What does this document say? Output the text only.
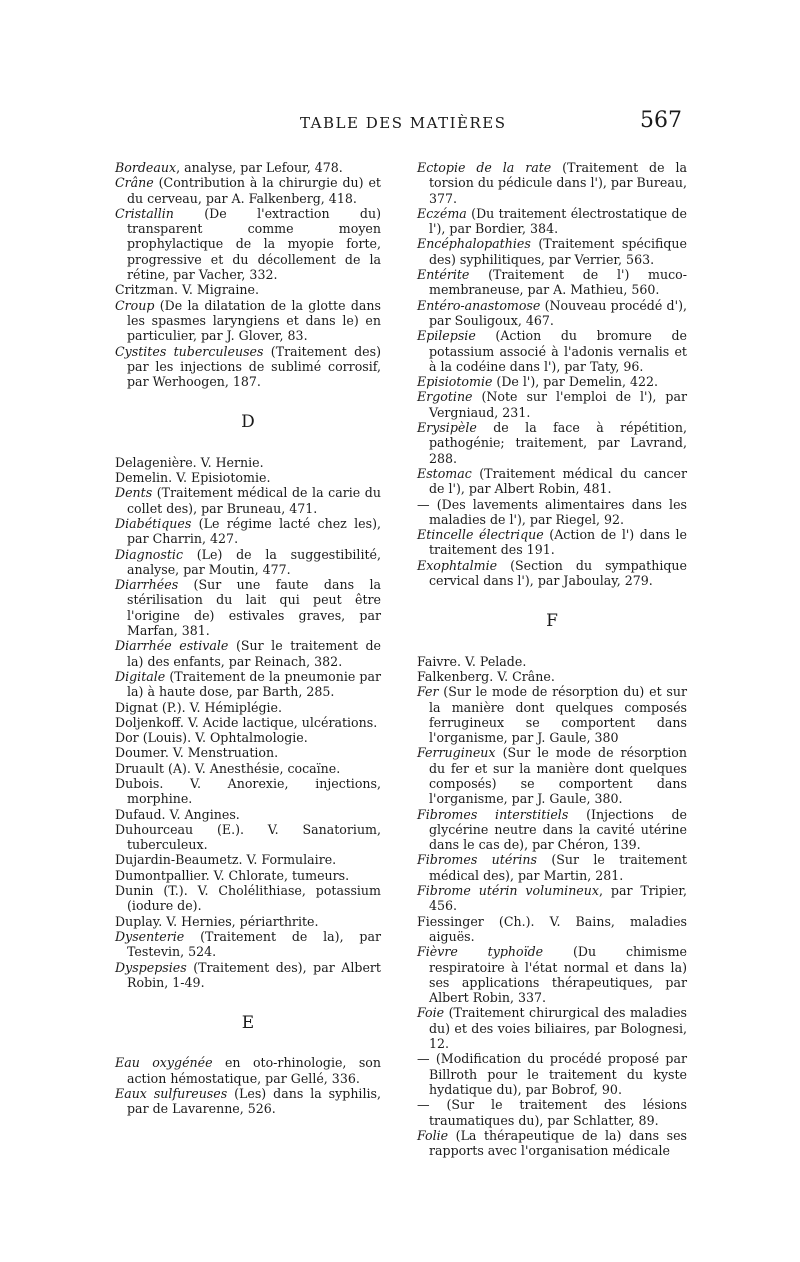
TABLE DES MATIÈRES	567

Bordeaux, analyse, par Lefour, 478.

Crâne (Contribution à la chirurgie du) et du cerveau, par A. Falkenberg, 418.

Cristallin (De l'extraction du) transparent comme moyen prophylactique de la myopie forte, progressive et du décollement de la rétine, par Vacher, 332.

Critzman. V. Migraine.

Croup (De la dilatation de la glotte dans les spasmes laryngiens et dans le) en particulier, par J. Glover, 83.

Cystites tuberculeuses (Traitement des) par les injections de sublimé corrosif, par Werhoogen, 187.

D

Delagenière. V. Hernie.

Demelin. V. Episiotomie.

Dents (Traitement médical de la carie du collet des), par Bruneau, 471.

Diabétiques (Le régime lacté chez les), par Charrin, 427.

Diagnostic (Le) de la suggestibilité, analyse, par Moutin, 477.

Diarrhées (Sur une faute dans la stérilisation du lait qui peut être l'origine de) estivales graves, par Marfan, 381.

Diarrhée estivale (Sur le traitement de la) des enfants, par Reinach, 382.

Digitale (Traitement de la pneumonie par la) à haute dose, par Barth, 285.

Dignat (P.). V. Hémiplégie.

Doljenkoff. V. Acide lactique, ulcérations.

Dor (Louis). V. Ophtalmologie.

Doumer. V. Menstruation.

Druault (A). V. Anesthésie, cocaïne.

Dubois. V. Anorexie, injections, morphine.

Dufaud. V. Angines.

Duhourceau (E.). V. Sanatorium, tuberculeux.

Dujardin-Beaumetz. V. Formulaire.

Dumontpallier. V. Chlorate, tumeurs.

Dunin (T.). V. Cholélithiase, potassium (iodure de).

Duplay. V. Hernies, périarthrite.

Dysenterie (Traitement de la), par Testevin, 524.

Dyspepsies (Traitement des), par Albert Robin, 1-49.

E

Eau oxygénée en oto-rhinologie, son action hémostatique, par Gellé, 336.

Eaux sulfureuses (Les) dans la syphilis, par de Lavarenne, 526.

Ectopie de la rate (Traitement de la torsion du pédicule dans l'), par Bureau, 377.

Eczéma (Du traitement électrostatique de l'), par Bordier, 384.

Encéphalopathies (Traitement spécifique des) syphilitiques, par Verrier, 563.

Entérite (Traitement de l') muco-membraneuse, par A. Mathieu, 560.

Entéro-anastomose (Nouveau procédé d'), par Souligoux, 467.

Epilepsie (Action du bromure de potassium associé à l'adonis vernalis et à la codéine dans l'), par Taty, 96.

Episiotomie (De l'), par Demelin, 422.

Ergotine (Note sur l'emploi de l'), par Vergniaud, 231.

Erysipèle de la face à répétition, pathogénie; traitement, par Lavrand, 288.

Estomac (Traitement médical du cancer de l'), par Albert Robin, 481.

— (Des lavements alimentaires dans les maladies de l'), par Riegel, 92.

Etincelle électrique (Action de l') dans le traitement des 191.

Exophtalmie (Section du sympathique cervical dans l'), par Jaboulay, 279.

F

Faivre. V. Pelade.

Falkenberg. V. Crâne.

Fer (Sur le mode de résorption du) et sur la manière dont quelques composés ferrugineux se comportent dans l'organisme, par J. Gaule, 380

Ferrugineux (Sur le mode de résorption du fer et sur la manière dont quelques composés) se comportent dans l'organisme, par J. Gaule, 380.

Fibromes interstitiels (Injections de glycérine neutre dans la cavité utérine dans le cas de), par Chéron, 139.

Fibromes utérins (Sur le traitement médical des), par Martin, 281.

Fibrome utérin volumineux, par Tripier, 456.

Fiessinger (Ch.). V. Bains, maladies aiguës.

Fièvre typhoïde (Du chimisme respiratoire à l'état normal et dans la) ses applications thérapeutiques, par Albert Robin, 337.

Foie (Traitement chirurgical des maladies du) et des voies biliaires, par Bolognesi, 12.

— (Modification du procédé proposé par Billroth pour le traitement du kyste hydatique du), par Bobrof, 90.

— (Sur le traitement des lésions traumatiques du), par Schlatter, 89.

Folie (La thérapeutique de la) dans ses rapports avec l'organisation médicale
